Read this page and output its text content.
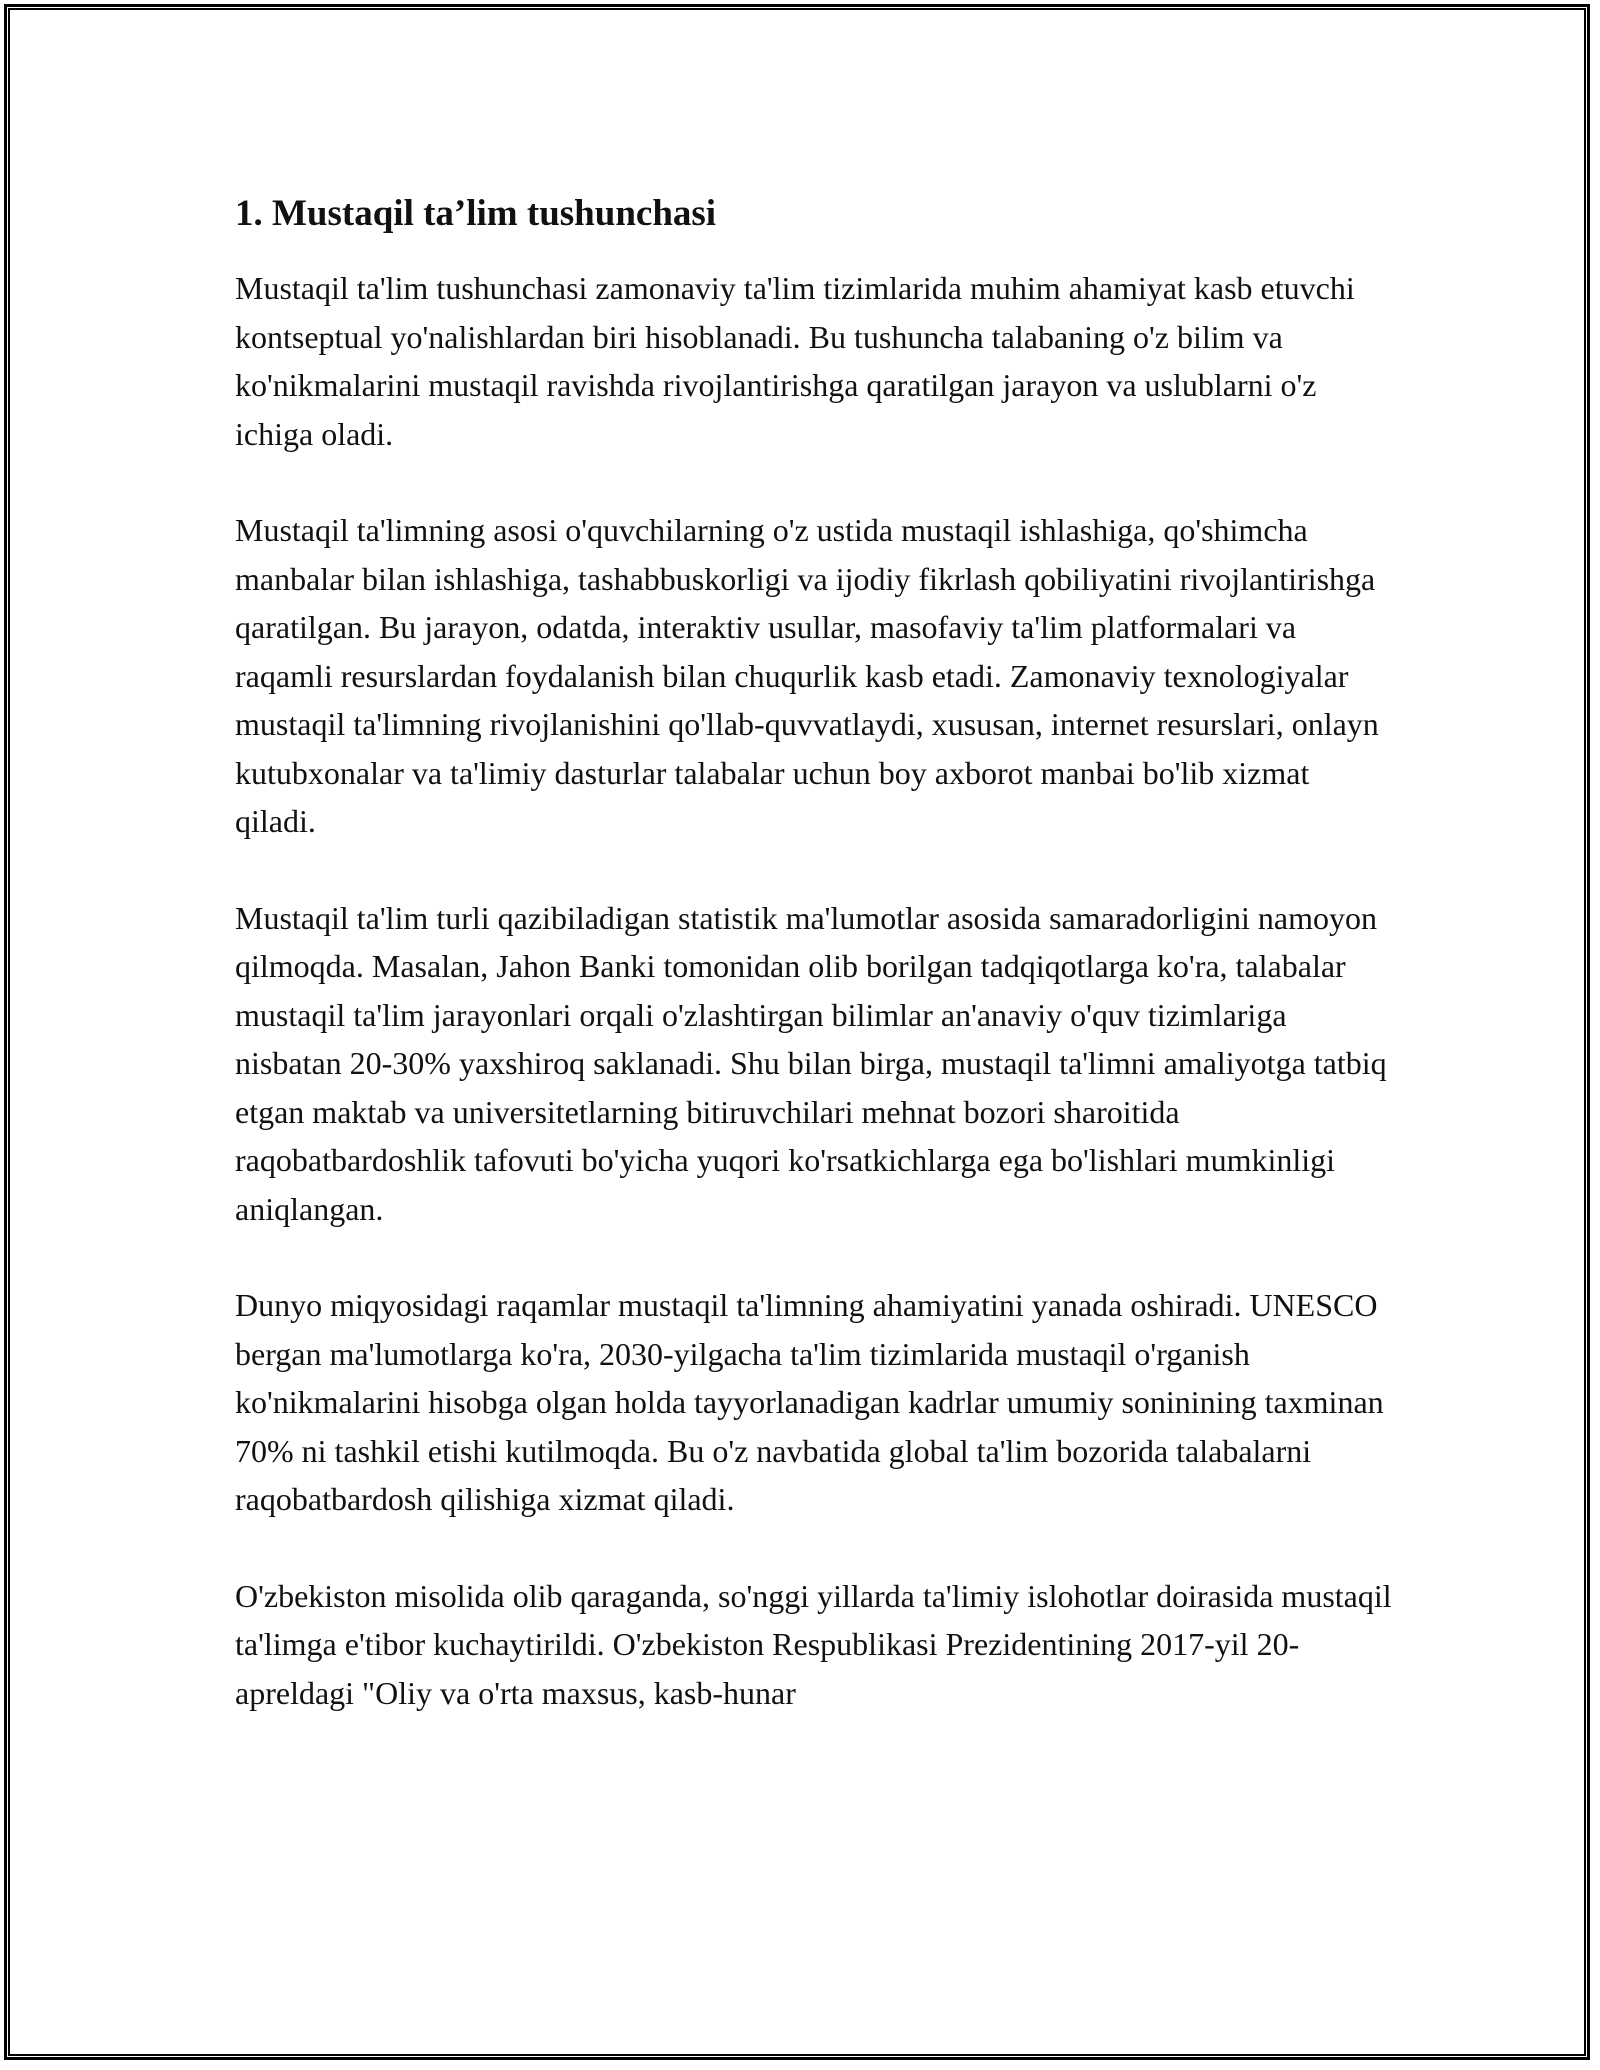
1. Mustaqil ta’lim tushunchasi

Mustaqil ta'lim tushunchasi zamonaviy ta'lim tizimlarida muhim ahamiyat kasb etuvchi kontseptual yo'nalishlardan biri hisoblanadi. Bu tushuncha talabaning o'z bilim va ko'nikmalarini mustaqil ravishda rivojlantirishga qaratilgan jarayon va uslublarni o'z ichiga oladi.

Mustaqil ta'limning asosi o'quvchilarning o'z ustida mustaqil ishlashiga, qo'shimcha manbalar bilan ishlashiga, tashabbuskorligi va ijodiy fikrlash qobiliyatini rivojlantirishga qaratilgan. Bu jarayon, odatda, interaktiv usullar, masofaviy ta'lim platformalari va raqamli resurslardan foydalanish bilan chuqurlik kasb etadi. Zamonaviy texnologiyalar mustaqil ta'limning rivojlanishini qo'llab-quvvatlaydi, xususan, internet resurslari, onlayn kutubxonalar va ta'limiy dasturlar talabalar uchun boy axborot manbai bo'lib xizmat qiladi.

Mustaqil ta'lim turli qazibiladigan statistik ma'lumotlar asosida samaradorligini namoyon qilmoqda. Masalan, Jahon Banki tomonidan olib borilgan tadqiqotlarga ko'ra, talabalar mustaqil ta'lim jarayonlari orqali o'zlashtirgan bilimlar an'anaviy o'quv tizimlariga nisbatan 20-30% yaxshiroq saklanadi. Shu bilan birga, mustaqil ta'limni amaliyotga tatbiq etgan maktab va universitetlarning bitiruvchilari mehnat bozori sharoitida raqobatbardoshlik tafovuti bo'yicha yuqori ko'rsatkichlarga ega bo'lishlari mumkinligi aniqlangan.

Dunyo miqyosidagi raqamlar mustaqil ta'limning ahamiyatini yanada oshiradi. UNESCO bergan ma'lumotlarga ko'ra, 2030-yilgacha ta'lim tizimlarida mustaqil o'rganish ko'nikmalarini hisobga olgan holda tayyorlanadigan kadrlar umumiy soninining taxminan 70% ni tashkil etishi kutilmoqda. Bu o'z navbatida global ta'lim bozorida talabalarni raqobatbardosh qilishiga xizmat qiladi.

O'zbekiston misolida olib qaraganda, so'nggi yillarda ta'limiy islohotlar doirasida mustaqil ta'limga e'tibor kuchaytirildi. O'zbekiston Respublikasi Prezidentining 2017-yil 20-apreldagi "Oliy va o'rta maxsus, kasb-hunar
